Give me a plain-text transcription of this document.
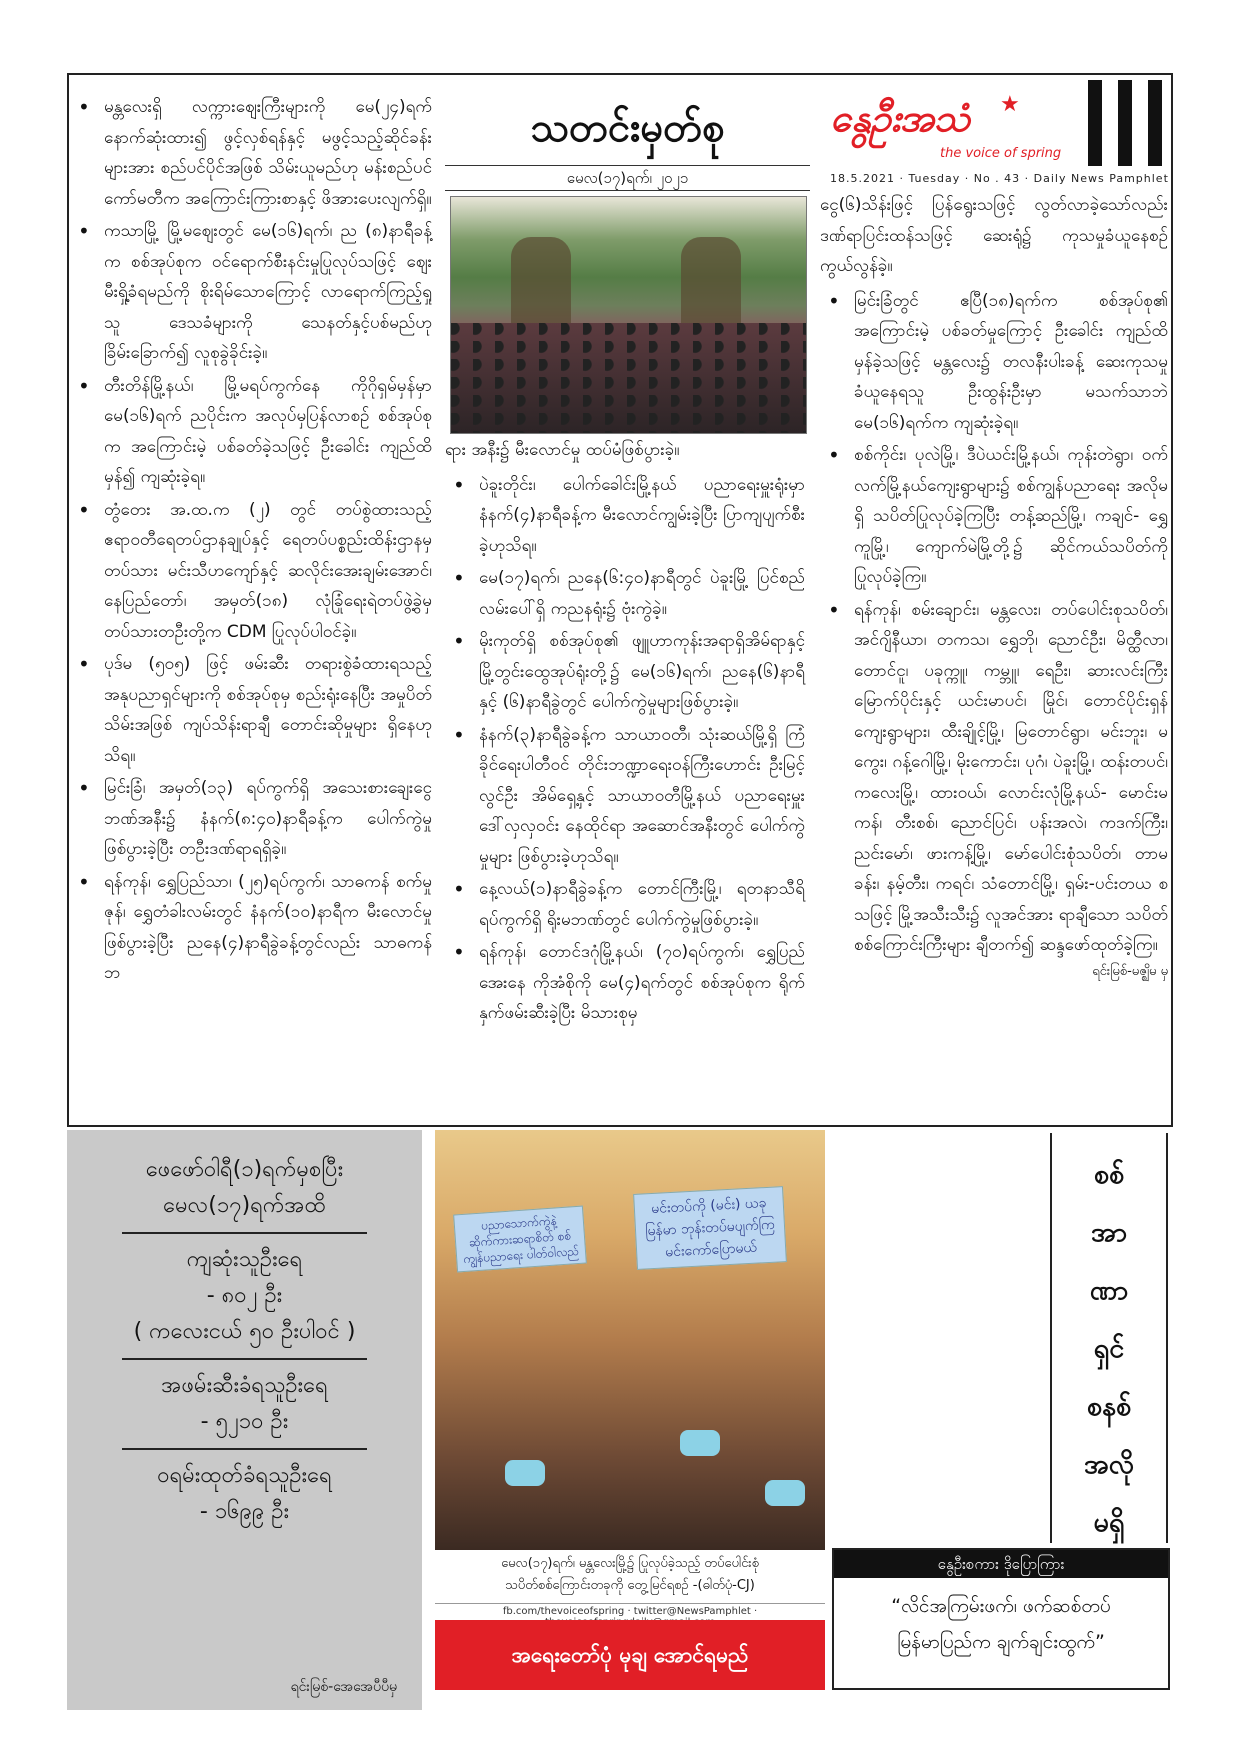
သတင်းမှတ်စု
မေလ(၁၇)ရက်၊ ၂၀၂၁
နွေဦးအသံ ★
the voice of spring
18.5.2021 · Tuesday · No . 43 · Daily News Pamphlet
• မန္တလေးရှိ လက္ကားဈေးကြီးများကို မေ(၂၄)ရက် နောက်ဆုံးထား၍ ဖွင့်လှစ်ရန်နှင့် မဖွင့်သည့်ဆိုင်ခန်းများအား စည်ပင်ပိုင်အဖြစ် သိမ်းယူမည်ဟု မန်းစည်ပင်ကော်မတီက အကြောင်းကြားစာနှင့် ဖိအားပေးလျက်ရှိ။
• ကသာမြို့ မြို့မဈေးတွင် မေ(၁၆)ရက်၊ ည (၈)နာရီခန့်က စစ်အုပ်စုက ဝင်ရောက်စီးနင်းမှုပြုလုပ်သဖြင့် ဈေးမီးရှို့ခံရမည်ကို စိုးရိမ်သောကြောင့် လာရောက်ကြည့်ရှုသူ ဒေသခံများကို သေနတ်နှင့်ပစ်မည်ဟု ခြိမ်းခြောက်၍ လူစုခွဲခိုင်းခဲ့။
• တီးတိန်မြို့နယ်၊ မြို့မရပ်ကွက်နေ ကိုဂိုရှမ်မှန်မှာ မေ(၁၆)ရက် ညပိုင်းက အလုပ်မှပြန်လာစဉ် စစ်အုပ်စုက အကြောင်းမဲ့ ပစ်ခတ်ခဲ့သဖြင့် ဦးခေါင်း ကျည်ထိမှန်၍ ကျဆုံးခဲ့ရ။
• တွံတေး အ.ထ.က (၂) တွင် တပ်စွဲထားသည့် ဧရာဝတီရေတပ်ဌာနချုပ်နှင့် ရေတပ်ပစ္စည်းထိန်းဌာနမှ တပ်သား မင်းသီဟကျော်နှင့် ဆလိုင်းအေးချမ်းအောင်၊ နေပြည်တော်၊ အမှတ်(၁၈) လုံခြုံရေးရဲတပ်ဖွဲ့ခွဲမှ တပ်သားတဦးတို့က CDM ပြုလုပ်ပါဝင်ခဲ့။
• ပုဒ်မ (၅၀၅) ဖြင့် ဖမ်းဆီး တရားစွဲခံထားရသည့် အနုပညာရှင်များကို စစ်အုပ်စုမှ စည်းရုံးနေပြီး အမှုပိတ်သိမ်းအဖြစ် ကျပ်သိန်းရာချီ တောင်းဆိုမှုများ ရှိနေဟု သိရ။
• မြင်းခြံ၊ အမှတ်(၁၃) ရပ်ကွက်ရှိ အသေးစားချေးငွေဘဏ်အနီး၌ နံနက်(၈:၄၀)နာရီခန့်က ပေါက်ကွဲမှုဖြစ်ပွားခဲ့ပြီး တဦးဒဏ်ရာရရှိခဲ့။
• ရန်ကုန်၊ ရွှေပြည်သာ၊ (၂၅)ရပ်ကွက်၊ သာဓကန် စက်မှုဇုန်၊ ရွှေတံခါးလမ်းတွင် နံနက်(၁၀)နာရီက မီးလောင်မှု ဖြစ်ပွားခဲ့ပြီး ညနေ(၄)နာရီခွဲခန့်တွင်လည်း သာဓကန် ဘ

ရား အနီး၌ မီးလောင်မှု ထပ်မံဖြစ်ပွားခဲ့။

• ပဲခူးတိုင်း၊ ပေါက်ခေါင်းမြို့နယ် ပညာရေးမှူးရုံးမှာ နံနက်(၄)နာရီခန့်က မီးလောင်ကျွမ်းခဲ့ပြီး ပြာကျပျက်စီးခဲ့ဟုသိရ။
• မေ(၁၇)ရက်၊ ညနေ(၆:၄၀)နာရီတွင် ပဲခူးမြို့ ပြင်စည်လမ်းပေါ်ရှိ ကညနရုံး၌ ဗုံးကွဲခဲ့။
• မိုးကုတ်ရှိ စစ်အုပ်စု၏ ဖျူဟာကုန်းအရာရှိအိမ်ရာနှင့် မြို့တွင်းထွေအုပ်ရုံးတို့၌ မေ(၁၆)ရက်၊ ညနေ(၆)နာရီနှင့် (၆)နာရီခွဲတွင် ပေါက်ကွဲမှုများဖြစ်ပွားခဲ့။
• နံနက်(၃)နာရီခွဲခန့်က သာယာဝတီ၊ သုံးဆယ်မြို့ရှိ ကြံခိုင်ရေးပါတီဝင် တိုင်းဘဏ္ဍာရေးဝန်ကြီးဟောင်း ဦးမြင့်လွင်ဦး အိမ်ရှေ့နှင့် သာယာဝတီမြို့နယ် ပညာရေးမှူး ဒေါ်လှလှဝင်း နေထိုင်ရာ အဆောင်အနီးတွင် ပေါက်ကွဲမှုများ ဖြစ်ပွားခဲ့ဟုသိရ။
• နေ့လယ်(၁)နာရီခွဲခန့်က တောင်ကြီးမြို့၊ ရတနာသီရိရပ်ကွက်ရှိ ရိုးမဘဏ်တွင် ပေါက်ကွဲမှုဖြစ်ပွားခဲ့။
• ရန်ကုန်၊ တောင်ဒဂုံမြို့နယ်၊ (၇၀)ရပ်ကွက်၊ ရွှေပြည်အေးနေ ကိုအံစိုကို မေ(၄)ရက်တွင် စစ်အုပ်စုက ရိုက်နှက်ဖမ်းဆီးခဲ့ပြီး မိသားစုမှ

ငွေ(၆)သိန်းဖြင့် ပြန်ရွေးသဖြင့် လွတ်လာခဲ့သော်လည်း ဒဏ်ရာပြင်းထန်သဖြင့် ဆေးရုံ၌ ကုသမှုခံယူနေစဉ် ကွယ်လွန်ခဲ့။

• မြင်းခြံတွင် ဧပြီ(၁၈)ရက်က စစ်အုပ်စု၏ အကြောင်းမဲ့ ပစ်ခတ်မှုကြောင့် ဦးခေါင်း ကျည်ထိ မှန်ခဲ့သဖြင့် မန္တလေး၌ တလနီးပါးခန့် ဆေးကုသမှုခံယူနေရသူ ဦးထွန်းဦးမှာ မသက်သာဘဲ မေ(၁၆)ရက်က ကျဆုံးခဲ့ရ။
• စစ်ကိုင်း၊ ပုလဲမြို့၊ ဒီပဲယင်းမြို့နယ်၊ ကုန်းတဲရွာ၊ ဝက်လက်မြို့နယ်ကျေးရွာများ၌ စစ်ကျွန်ပညာရေး အလိုမရှိ သပိတ်ပြုလုပ်ခဲ့ကြပြီး တန့်ဆည်မြို့၊ ကချင်- ရွှေကူမြို့၊ ကျောက်မဲမြို့တို့၌ ဆိုင်ကယ်သပိတ်ကို ပြုလုပ်ခဲ့ကြ။
• ရန်ကုန်၊ စမ်းချောင်း၊ မန္တလေး၊ တပ်ပေါင်းစုသပိတ်၊ အင်ဂျိနီယာ၊ တကသ၊ ရွှေဘို၊ ညောင်ဦး၊ မိတ္ထီလာ၊ တောင်ငူ၊ ပခုက္ကူ၊ ကမ္ဘူ၊ ရေဦး၊ ဆားလင်းကြီး မြောက်ပိုင်းနှင့် ယင်းမာပင်၊ မြိုင်၊ တောင်ပိုင်းရှန် ကျေးရွာများ၊ ထီးချိုင့်မြို့၊ မြတောင်ရွာ၊ မင်းဘူး၊ မကွေး၊ ဂန့်ဂေါမြို့၊ မိုးကောင်း၊ ပုဂံ၊ ပဲခူးမြို့၊ ထန်းတပင်၊ ကလေးမြို့၊ ထားဝယ်၊ လောင်းလုံမြို့နယ်- မောင်းမကန်၊ တီးစစ်၊ ညောင်ပြင်၊ ပန်းအလဲ၊ ကဒက်ကြီး၊ ညင်းမော်၊ ဖားကန့်မြို့၊ မော်ပေါင်းစုံသပိတ်၊ တာမခန်း၊ နမ့်တီး၊ ကရင်၊ သံတောင်မြို့၊ ရှမ်း-ပင်းတယ စသဖြင့် မြို့အသီးသီး၌ လူအင်အား ရာချီသော သပိတ်စစ်ကြောင်းကြီးများ ချီတက်၍ ဆန္ဒဖော်ထုတ်ခဲ့ကြ။
ရင်းမြစ်-မဇ္ဈိမ မှ
ဖေဖော်ဝါရီ(၁)ရက်မှစပြီး
မေလ(၁၇)ရက်အထိ
ကျဆုံးသူဦးရေ
- ၈၀၂ ဦး
( ကလေးငယ် ၅၀ ဦးပါဝင် )
အဖမ်းဆီးခံရသူဦးရေ
- ၅၂၁၀ ဦး
ဝရမ်းထုတ်ခံရသူဦးရေ
- ၁၆၉၉ ဦး
ရင်းမြစ်-အေအေပီပီမှ
ပညာသောက်ကွဲနဲ့ ဆိုက်ကားဆရာစိတ် စစ်ကျွန်ပညာရေး ပါတ်ဝါလည်
မင်းတပ်ကို (မင်း) ယခု မြန်မာ ဘုန်းတပ်မပျက်ကြ မင်းကော်ပြောမယ်
မေလ(၁၇)ရက်၊ မန္တလေးမြို့၌ ပြုလုပ်ခဲ့သည့် တပ်ပေါင်းစုံ
သပိတ်စစ်ကြောင်းတခုကို တွေ့မြင်ရစဉ် -(ဓါတ်ပုံ-CJ)
fb.com/thevoiceofspring · twitter@NewsPamphlet ·
အရေးတော်ပုံ မုချ အောင်ရမည်
စစ်
အာ
ဏာ
ရှင်
စနစ်
အလို
မရှိ
နွေဦးစကား ဒိုပြောကြား
“လိင်အကြမ်းဖက်၊ ဖက်ဆစ်တပ်
မြန်မာပြည်က ချက်ချင်းထွက်”
